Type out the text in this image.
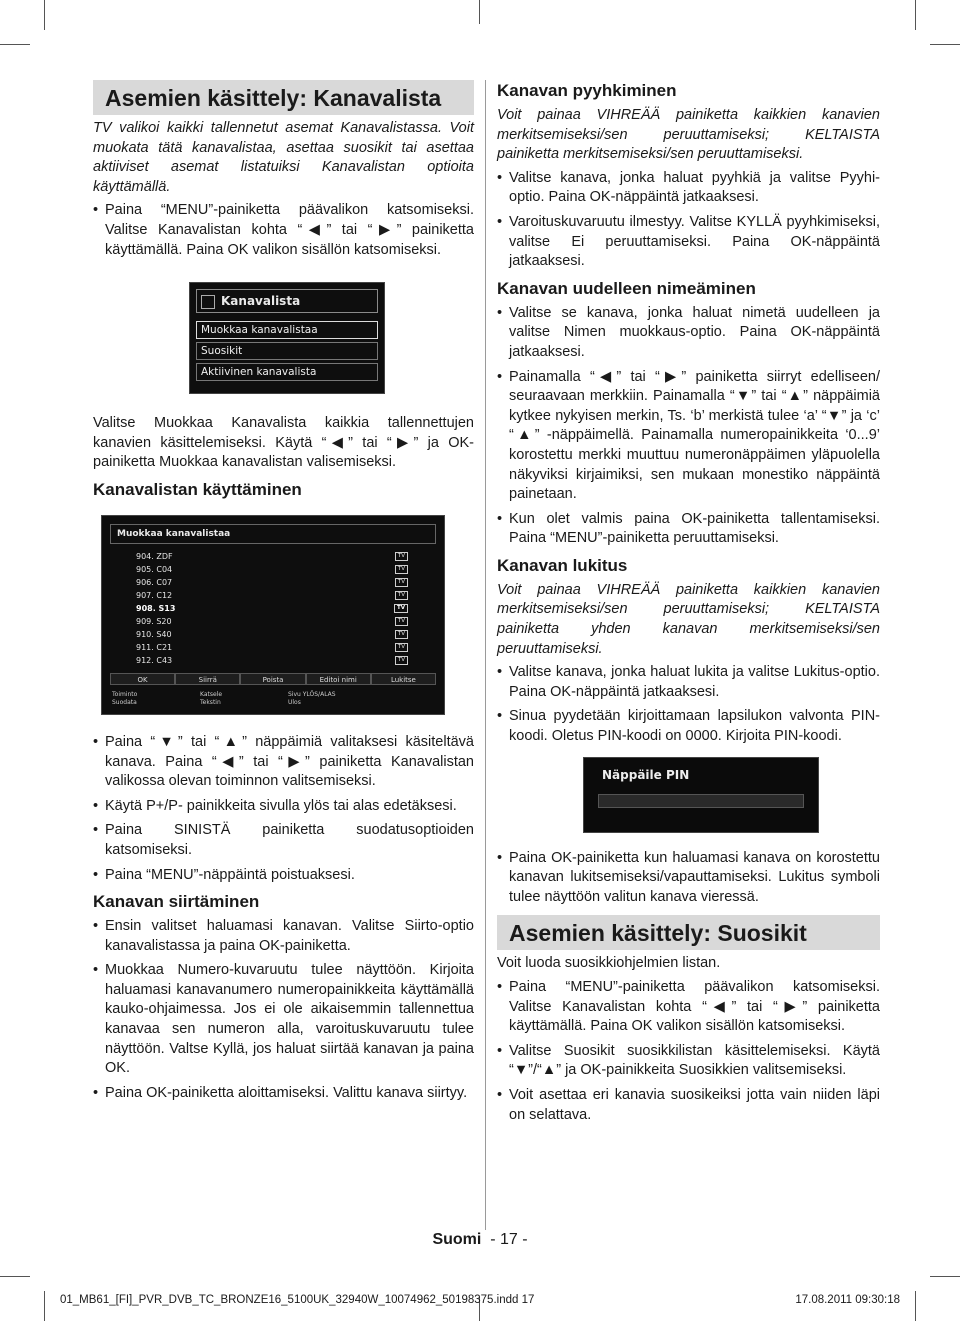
Asemien käsittely: Kanavalista

TV valikoi kaikki tallennetut asemat Kanavalistassa. Voit muokata tätä kanavalistaa, asettaa suosikit tai asettaa aktiiviset asemat listatuiksi Kanavalistan optioita käyttämällä.

• Paina “MENU”-painiketta päävalikon katsomiseksi. Valitse Kanavalistan kohta “◀” tai “▶” painiketta käyttämällä. Paina OK valikon sisällön katsomiseksi.
Kanavalista
Muokkaa kanavalistaa
Suosikit
Aktiivinen kanavalista

Valitse Muokkaa Kanavalista kaikkia tallennettujen kanavien käsittelemiseksi. Käytä “◀” tai “▶” ja OK-painiketta Muokkaa kanavalistan valisemiseksi.

Kanavalistan käyttäminen
Muokkaa kanavalistaa
904. ZDF	TV
905. C04	TV
906. C07	TV
907. C12	TV
908. S13	TV
909. S20	TV
910. S40	TV
911. C21	TV
912. C43	TV
OK	Siirrä	Poista	Editoi nimi	Lukitse
Toiminto
Suodata
Katsele
Tekstin
Sivu YLÖS/ALAS
Ulos
• Paina “▼” tai “▲” näppäimiä valitaksesi käsiteltävä kanava. Paina “◀” tai “▶” painiketta Kanavalistan valikossa olevan toiminnon valitsemiseksi.
• Käytä P+/P- painikkeita sivulla ylös tai alas edetäksesi.
• Paina SINISTÄ painiketta suodatusoptioiden katsomiseksi.
• Paina “MENU”-näppäintä poistuaksesi.
Kanavan siirtäminen
• Ensin valitset haluamasi kanavan. Valitse Siirto-optio kanavalistassa ja paina OK-painiketta.
• Muokkaa Numero-kuvaruutu tulee näyttöön. Kirjoita haluamasi kanavanumero numeropainikkeita käyttämällä kauko-ohjaimessa. Jos ei ole aikaisemmin tallennettua kanavaa sen numeron alla, varoituskuvaruutu tulee näyttöön. Valtse Kyllä, jos haluat siirtää kanavan ja paina OK.
• Paina OK-painiketta aloittamiseksi. Valittu kanava siirtyy.
Kanavan pyyhkiminen

Voit painaa VIHREÄÄ painiketta kaikkien kanavien merkitsemiseksi/sen peruuttamiseksi; KELTAISTA painiketta merkitsemiseksi/sen peruuttamiseksi.

• Valitse kanava, jonka haluat pyyhkiä ja valitse Pyyhi-optio. Paina OK-näppäintä jatkaaksesi.
• Varoituskuvaruutu ilmestyy. Valitse KYLLÄ pyyhkimiseksi, valitse Ei peruuttamiseksi. Paina OK-näppäintä jatkaaksesi.
Kanavan uudelleen nimeäminen
• Valitse se kanava, jonka haluat nimetä uudelleen ja valitse Nimen muokkaus-optio. Paina OK-näppäintä jatkaaksesi.
• Painamalla “◀” tai “▶” painiketta siirryt edelliseen/ seuraavaan merkkiin. Painamalla “▼” tai “▲” näppäimiä kytkee nykyisen merkin, Ts. ‘b’ merkistä tulee ‘a’ “▼” ja ‘c’ “▲” -näppäimellä. Painamalla numeropainikkeita ‘0...9’ korostettu merkki muuttuu numeronäppäimen yläpuolella näkyviksi kirjaimiksi, sen mukaan monestiko näppäintä painetaan.
• Kun olet valmis paina OK-painiketta tallentamiseksi. Paina “MENU”-painiketta peruuttamiseksi.
Kanavan lukitus

Voit painaa VIHREÄÄ painiketta kaikkien kanavien merkitsemiseksi/sen peruuttamiseksi; KELTAISTA painiketta yhden kanavan merkitsemiseksi/sen peruuttamiseksi.

• Valitse kanava, jonka haluat lukita ja valitse Lukitus-optio. Paina OK-näppäintä jatkaaksesi.
• Sinua pyydetään kirjoittamaan lapsilukon valvonta PIN-koodi. Oletus PIN-koodi on 0000. Kirjoita PIN-koodi.
Näppäile PIN
• Paina OK-painiketta kun haluamasi kanava on korostettu kanavan lukitsemiseksi/vapauttamiseksi. Lukitus symboli tulee näyttöön valitun kanava vieressä.
Asemien käsittely: Suosikit

Voit luoda suosikkiohjelmien listan.

• Paina “MENU”-painiketta päävalikon katsomiseksi. Valitse Kanavalistan kohta “◀” tai “▶” painiketta käyttämällä. Paina OK valikon sisällön katsomiseksi.
• Valitse Suosikit suosikkilistan käsittelemiseksi. Käytä “▼”/“▲” ja OK-painikkeita Suosikkien valitsemiseksi.
• Voit asettaa eri kanavia suosikeiksi jotta vain niiden läpi on selattava.
Suomi - 17 -
01_MB61_[FI]_PVR_DVB_TC_BRONZE16_5100UK_32940W_10074962_50198375.indd 17	17.08.2011 09:30:18
